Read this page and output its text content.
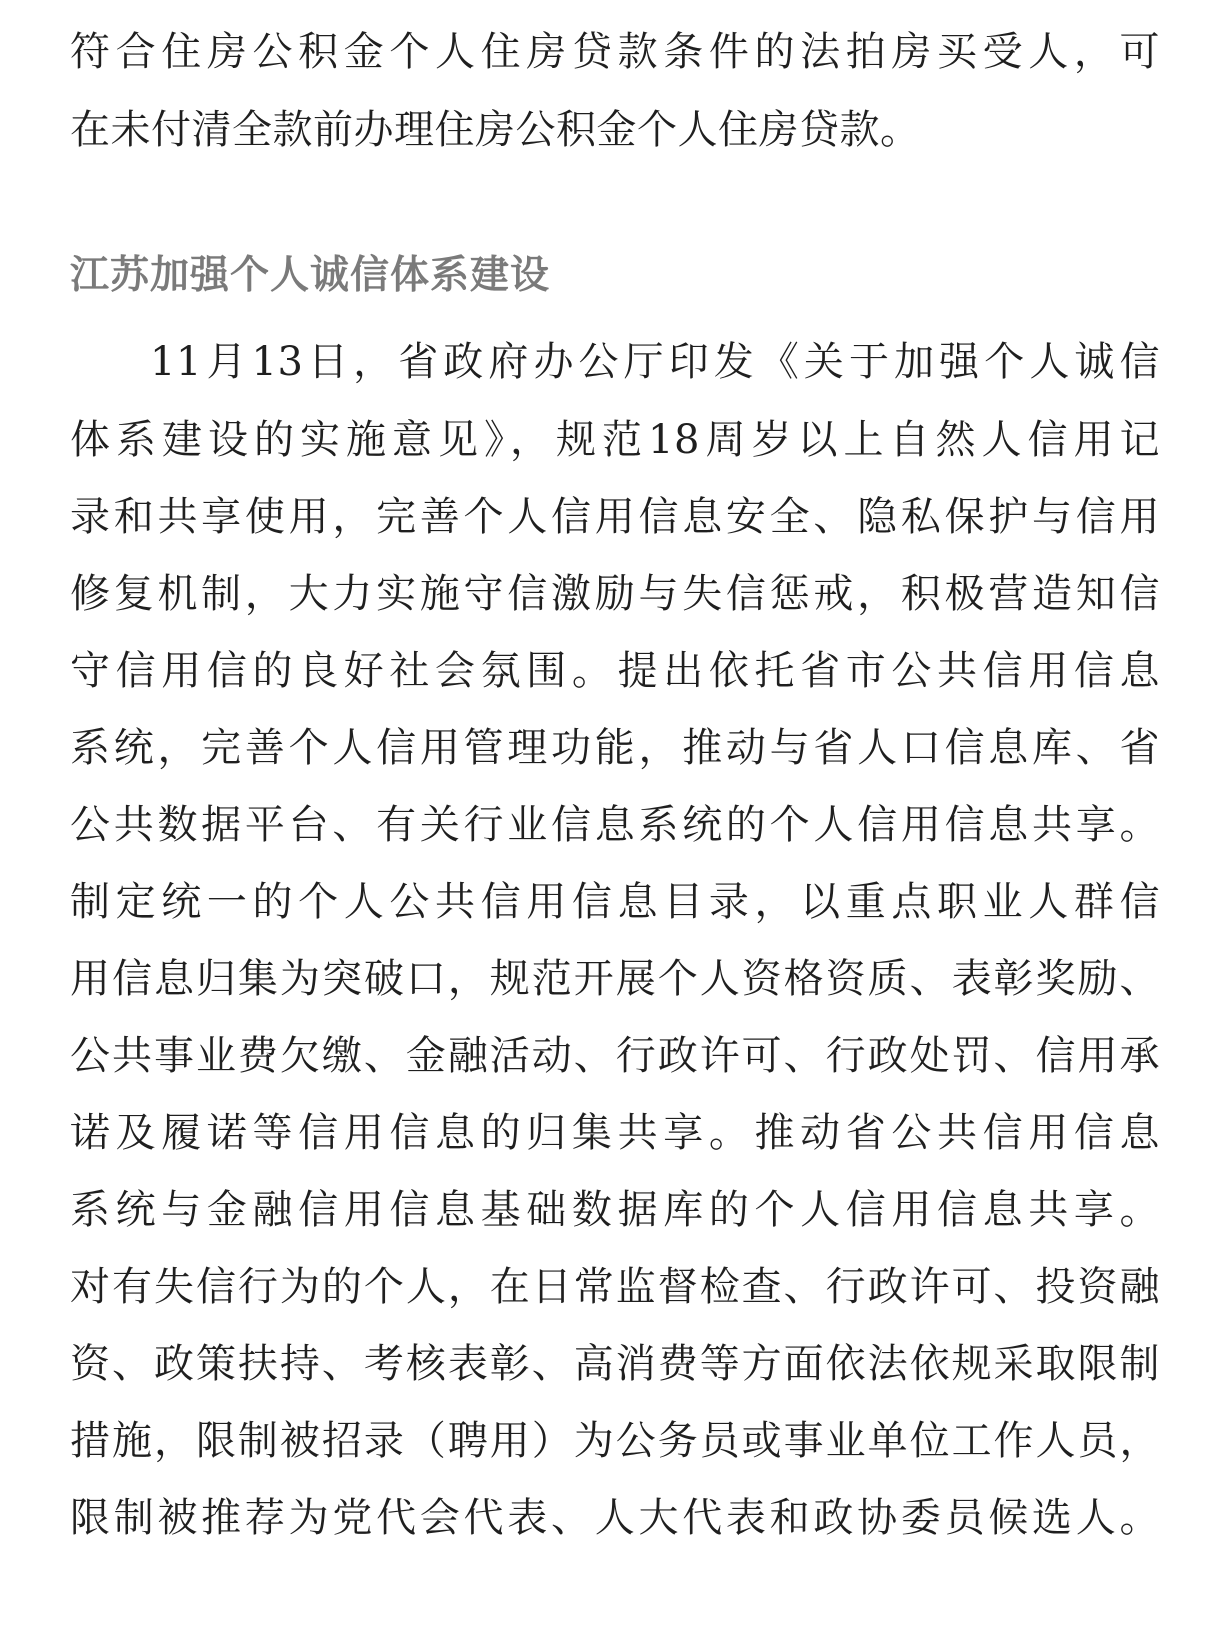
符合住房公积金个人住房贷款条件的法拍房买受人，可
在未付清全款前办理住房公积金个人住房贷款。
江苏加强个人诚信体系建设
11月13日，省政府办公厅印发《关于加强个人诚信
体系建设的实施意见》，规范18周岁以上自然人信用记
录和共享使用，完善个人信用信息安全、隐私保护与信用
修复机制，大力实施守信激励与失信惩戒，积极营造知信
守信用信的良好社会氛围。提出依托省市公共信用信息
系统，完善个人信用管理功能，推动与省人口信息库、省
公共数据平台、有关行业信息系统的个人信用信息共享。
制定统一的个人公共信用信息目录，以重点职业人群信
用信息归集为突破口，规范开展个人资格资质、表彰奖励、
公共事业费欠缴、金融活动、行政许可、行政处罚、信用承
诺及履诺等信用信息的归集共享。推动省公共信用信息
系统与金融信用信息基础数据库的个人信用信息共享。
对有失信行为的个人，在日常监督检查、行政许可、投资融
资、政策扶持、考核表彰、高消费等方面依法依规采取限制
措施，限制被招录（聘用）为公务员或事业单位工作人员，
限制被推荐为党代会代表、人大代表和政协委员候选人。
